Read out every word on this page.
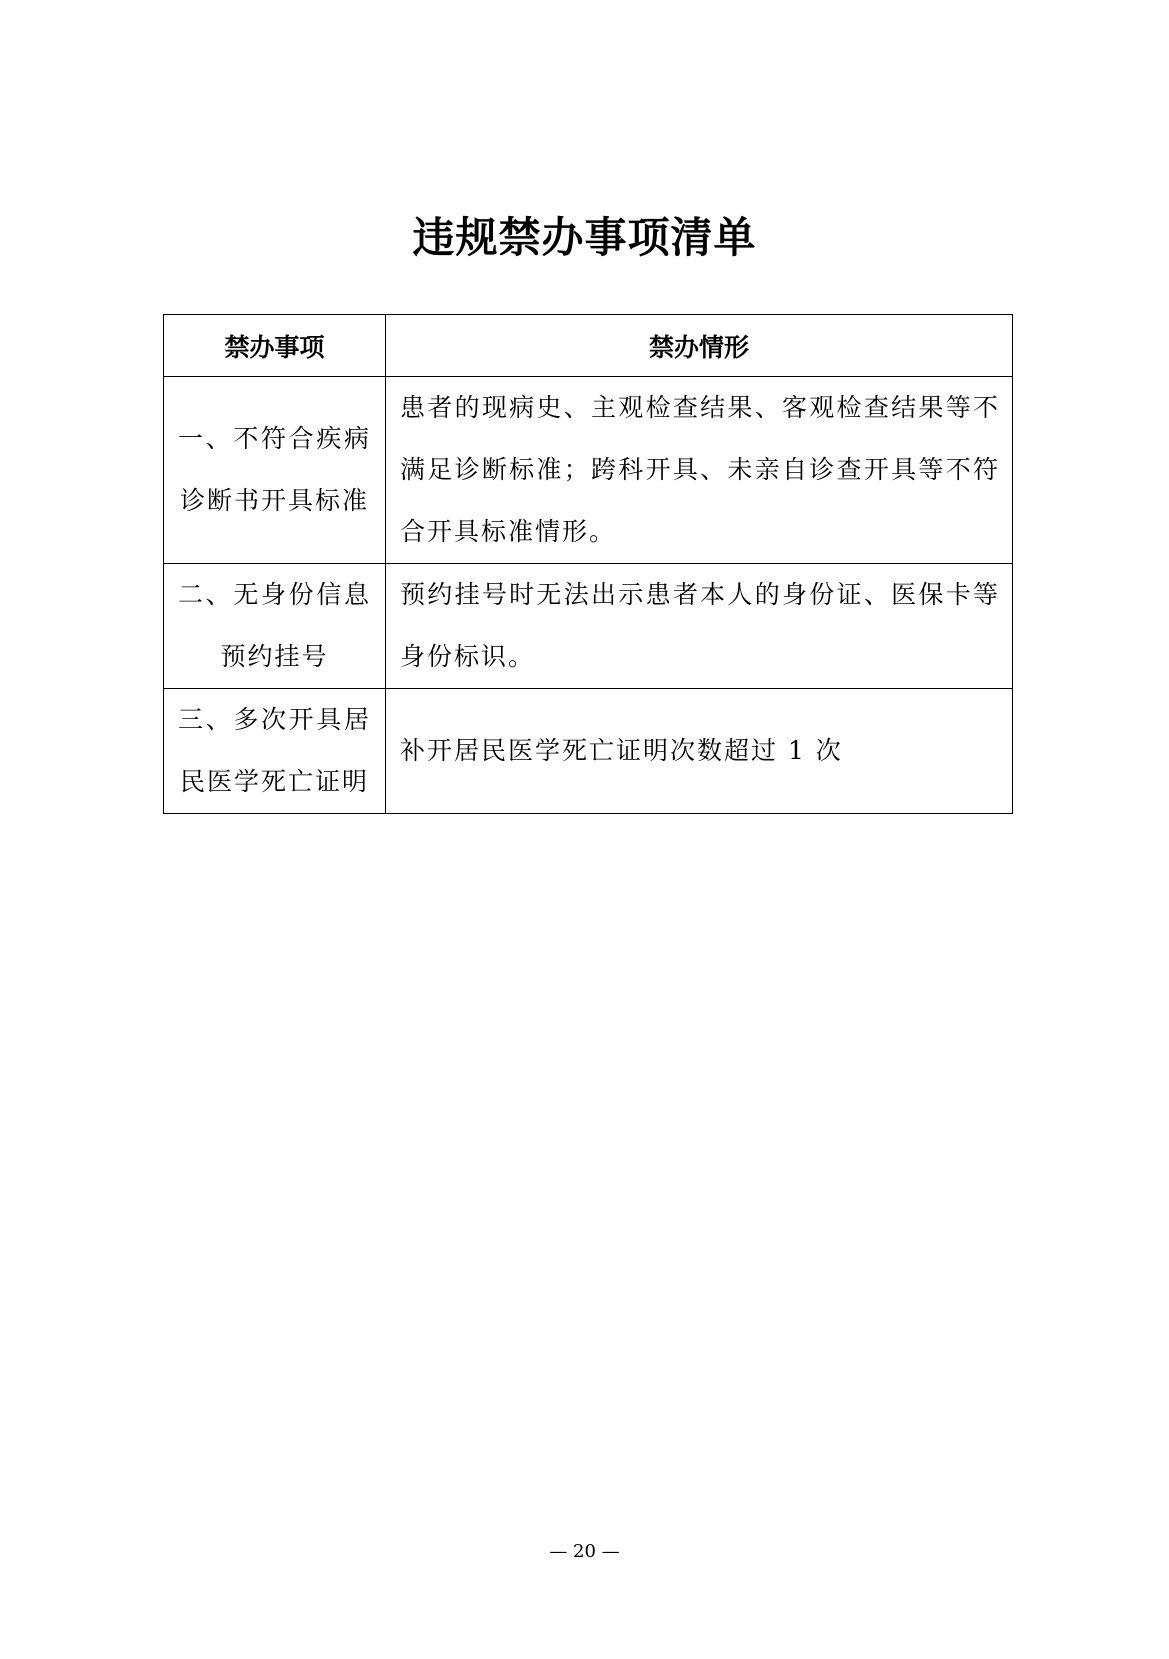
违规禁办事项清单
禁办事项	禁办情形
一、不符合疾病诊断书开具标准	患者的现病史、主观检查结果、客观检查结果等不满足诊断标准；跨科开具、未亲自诊查开具等不符合开具标准情形。
二、无身份信息预约挂号	预约挂号时无法出示患者本人的身份证、医保卡等身份标识。
三、多次开具居民医学死亡证明	补开居民医学死亡证明次数超过 1 次
— 20 —
